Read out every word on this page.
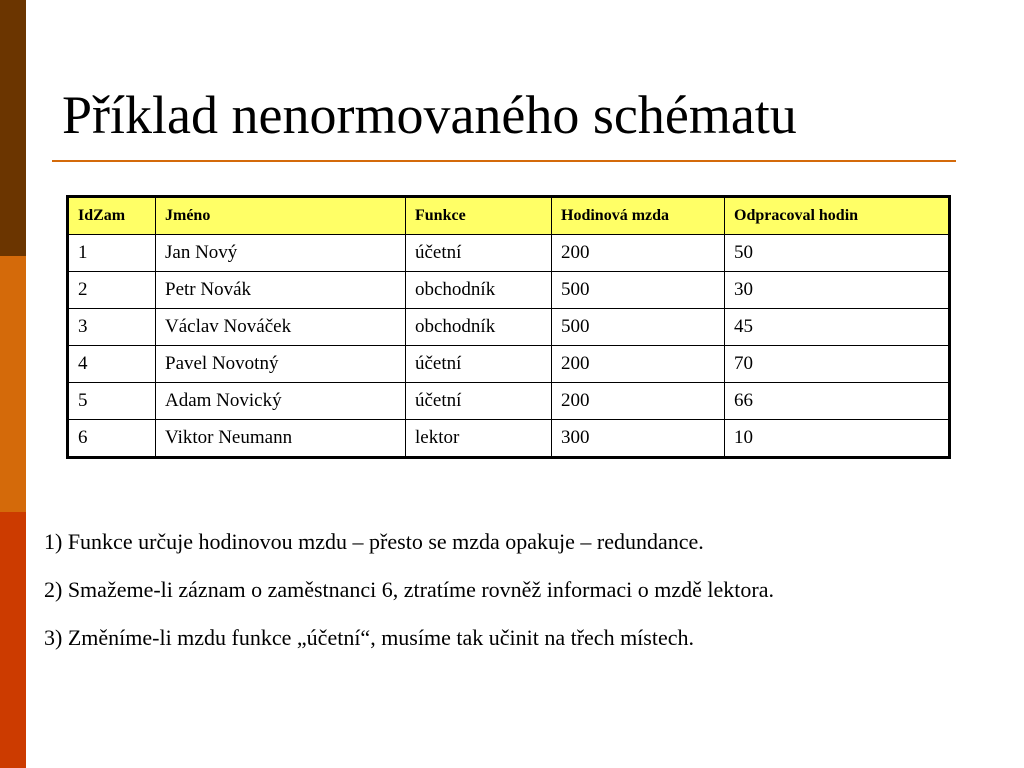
Příklad nenormovaného schématu
IdZam	Jméno	Funkce	Hodinová mzda	Odpracoval hodin
1	Jan Nový	účetní	200	50
2	Petr Novák	obchodník	500	30
3	Václav Nováček	obchodník	500	45
4	Pavel Novotný	účetní	200	70
5	Adam Novický	účetní	200	66
6	Viktor Neumann	lektor	300	10
1) Funkce určuje hodinovou mzdu – přesto se mzda opakuje – redundance.
2) Smažeme-li záznam o zaměstnanci 6, ztratíme rovněž informaci o mzdě lektora.
3) Změníme-li mzdu funkce „účetní“, musíme tak učinit na třech místech.
